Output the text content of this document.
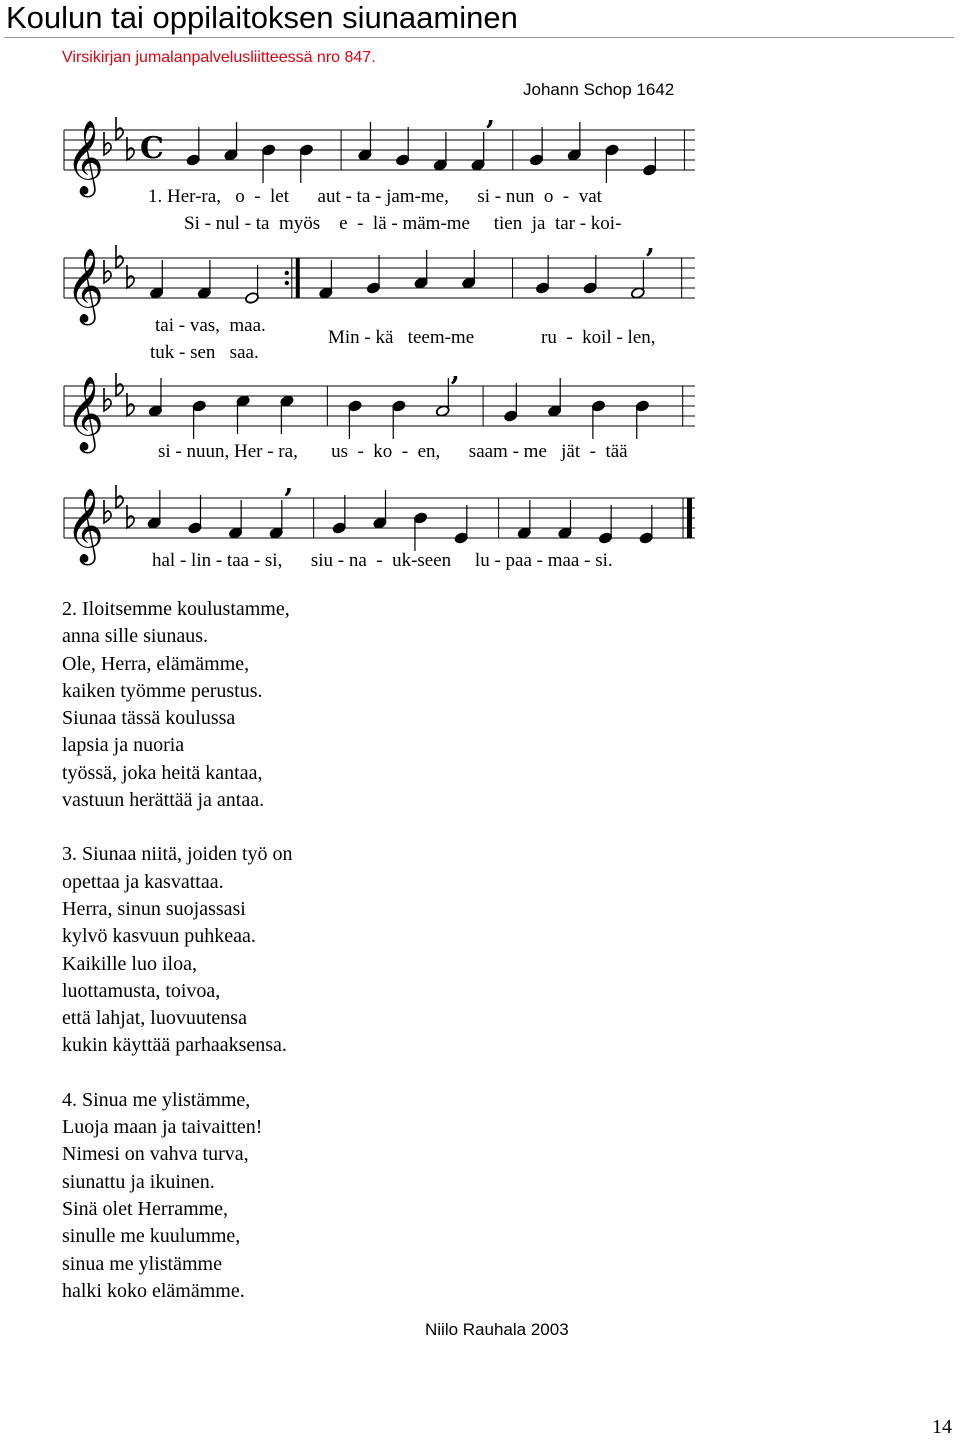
Koulun tai oppilaitoksen siunaaminen
Virsikirjan jumalanpalvelusliitteessä nro 847.
Johann Schop 1642
𝄞 C
,
𝄞
,
𝄞
,
𝄞
,
1. Her-ra,   o  -  let      aut - ta - jam-me,      si - nun  o  -  vat
Si - nul - ta  myös    e  -  lä - mäm-me     tien  ja  tar - koi-
tai - vas,  maa.
tuk - sen   saa.
Min - kä   teem-me	ru  -  koil - len,
si - nuun, Her - ra,       us  -  ko  -  en,      saam - me   jät  -  tää
hal - lin - taa - si,      siu - na  -  uk-seen     lu - paa - maa - si.
2. Iloitsemme koulustamme,
anna sille siunaus.
Ole, Herra, elämämme,
kaiken työmme perustus.
Siunaa tässä koulussa
lapsia ja nuoria
työssä, joka heitä kantaa,
vastuun herättää ja antaa.
3. Siunaa niitä, joiden työ on
opettaa ja kasvattaa.
Herra, sinun suojassasi
kylvö kasvuun puhkeaa.
Kaikille luo iloa,
luottamusta, toivoa,
että lahjat, luovuutensa
kukin käyttää parhaaksensa.
4. Sinua me ylistämme,
Luoja maan ja taivaitten!
Nimesi on vahva turva,
siunattu ja ikuinen.
Sinä olet Herramme,
sinulle me kuulumme,
sinua me ylistämme
halki koko elämämme.
Niilo Rauhala 2003
14
